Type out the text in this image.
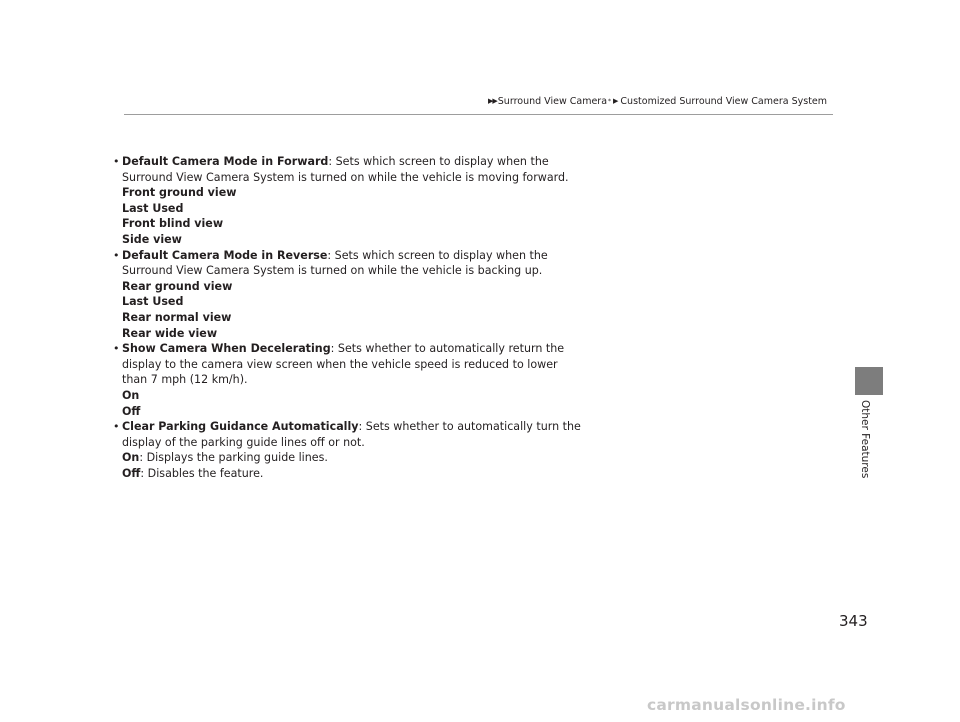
▶▶ Surround View Camera * ▶ Customized Surround View Camera System
• Default Camera Mode in Forward: Sets which screen to display when the
Surround View Camera System is turned on while the vehicle is moving forward.
Front ground view
Last Used
Front blind view
Side view
• Default Camera Mode in Reverse: Sets which screen to display when the
Surround View Camera System is turned on while the vehicle is backing up.
Rear ground view
Last Used
Rear normal view
Rear wide view
• Show Camera When Decelerating: Sets whether to automatically return the
display to the camera view screen when the vehicle speed is reduced to lower
than 7 mph (12 km/h).
On
Off
• Clear Parking Guidance Automatically: Sets whether to automatically turn the
display of the parking guide lines off or not.
On: Displays the parking guide lines.
Off: Disables the feature.	Other Features
343
carmanualsonline.info
